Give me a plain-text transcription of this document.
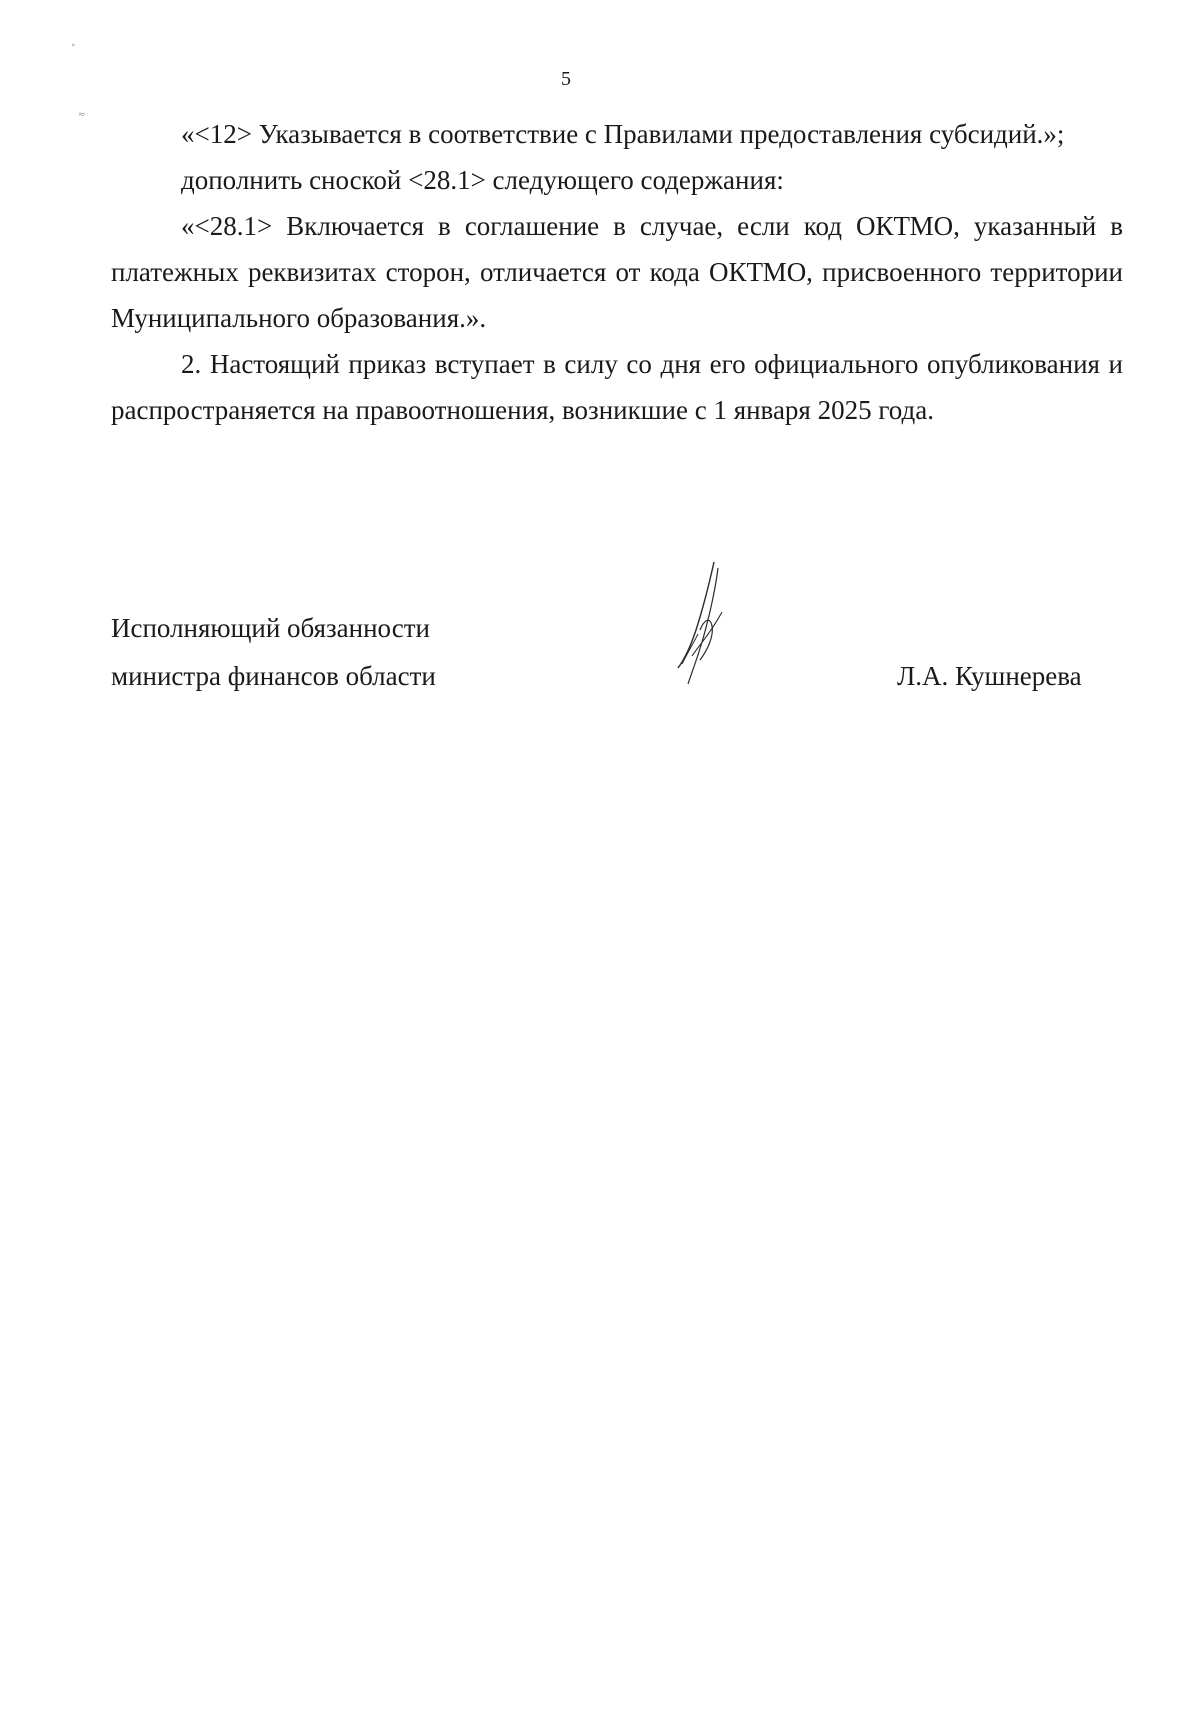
°
≈
5

«<12> Указывается в соответствие с Правилами предоставления субсидий.»;

дополнить сноской <28.1> следующего содержания:

«<28.1> Включается в соглашение в случае, если код ОКТМО, указанный в платежных реквизитах сторон, отличается от кода ОКТМО, присвоенного территории Муниципального образования.».

2. Настоящий приказ вступает в силу со дня его официального опубликования и распространяется на правоотношения, возникшие с 1 января 2025 года.

Исполняющий обязанности
министра финансов области	Л.А. Кушнерева
